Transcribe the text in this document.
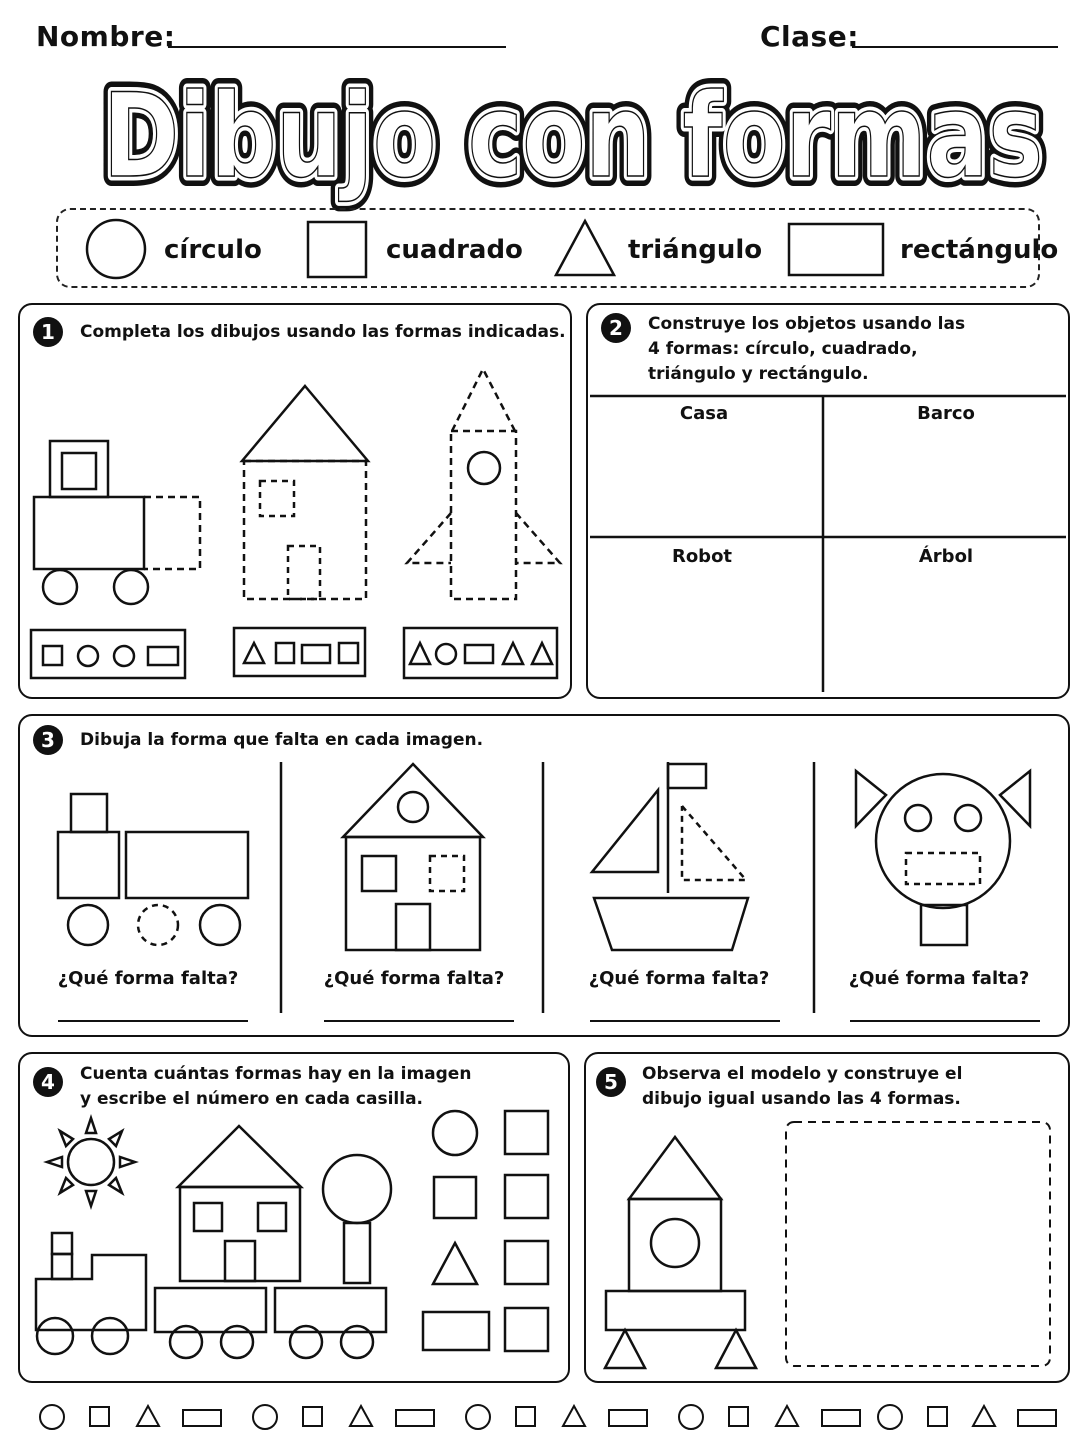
Nombre:	Clase:
Dibujo con formas
Dibujo con formas
Dibujo con formas
círculo	cuadrado	triángulo	rectángulo
1	2
3
4	5
Completa los dibujos usando las formas indicadas.	Construye los objetos usando las
4 formas: círculo, cuadrado,
triángulo y rectángulo.
Dibuja la forma que falta en cada imagen.
Cuenta cuántas formas hay en la imagen
y escribe el número en cada casilla.
Observa el modelo y construye el
dibujo igual usando las 4 formas.
Casa	Barco
Robot	Árbol
¿Qué forma falta?	¿Qué forma falta?	¿Qué forma falta?	¿Qué forma falta?
